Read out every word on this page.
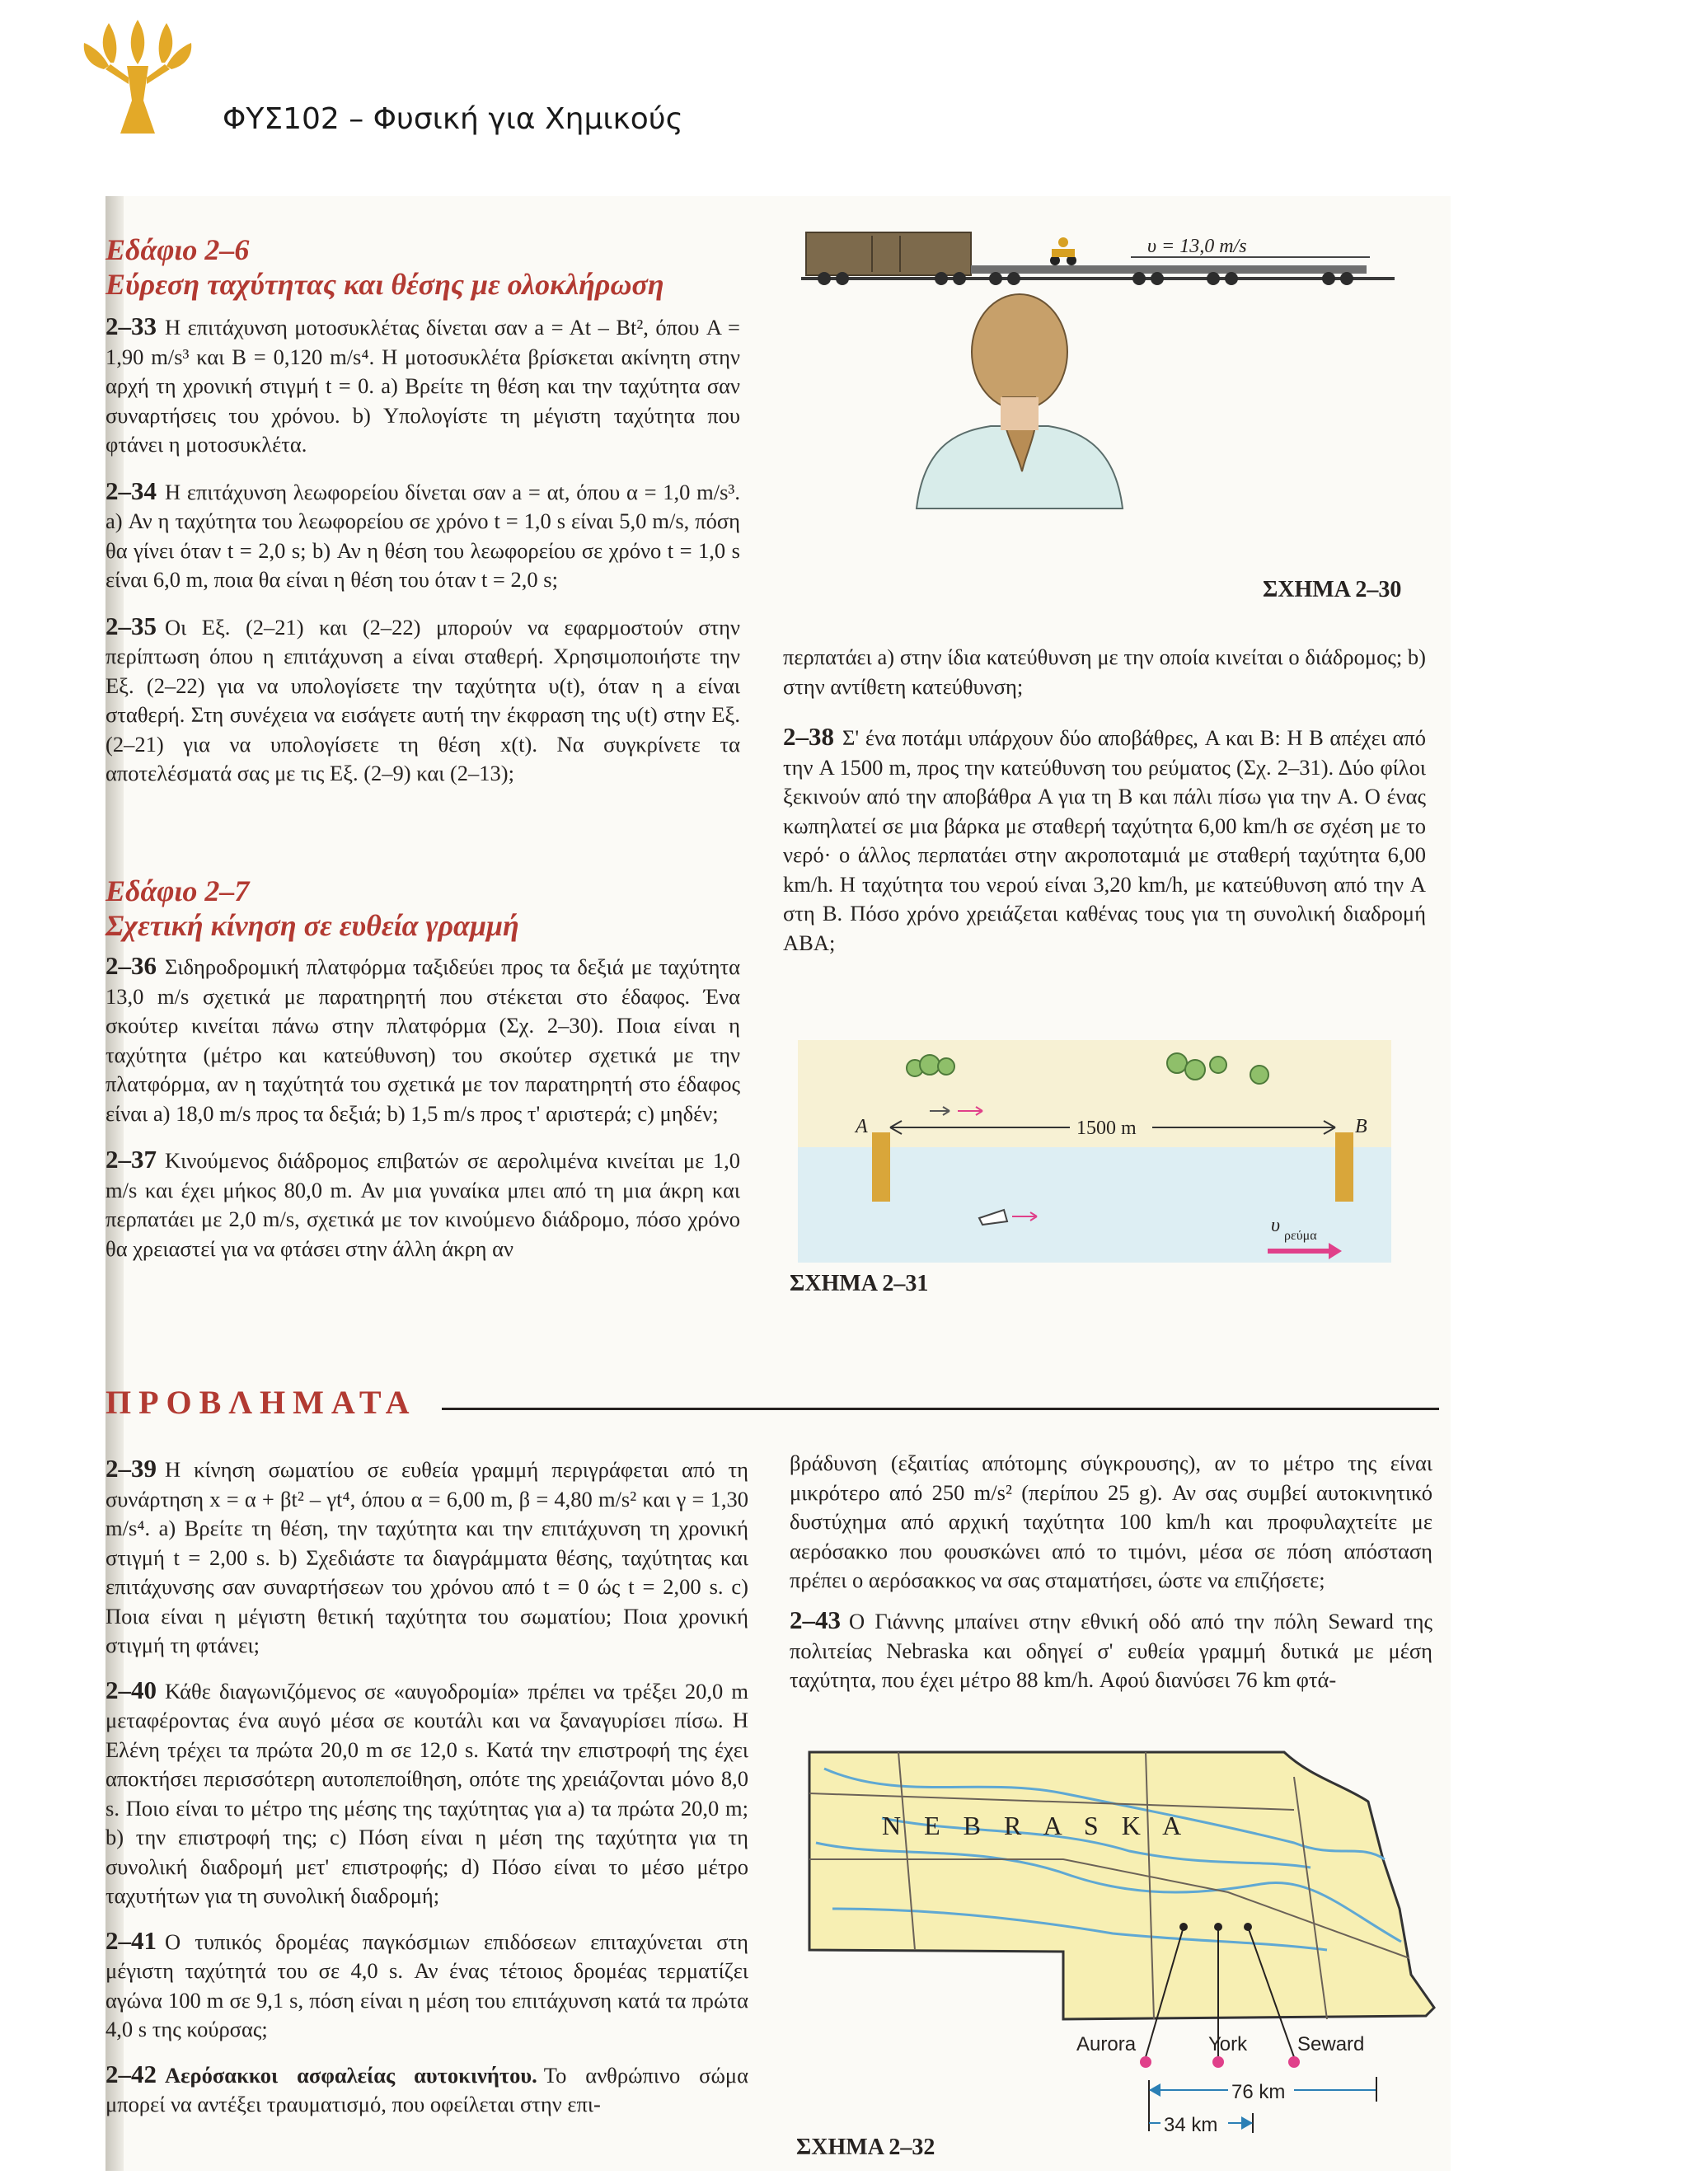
ΦΥΣ102 – Φυσική για Χημικούς
Εδάφιο 2–6
Εύρεση ταχύτητας και θέσης με ολοκλήρωση
2–33 Η επιτάχυνση μοτοσυκλέτας δίνεται σαν a = At – Bt², όπου A = 1,90 m/s³ και B = 0,120 m/s⁴. Η μοτοσυκλέτα βρίσκεται ακίνητη στην αρχή τη χρονική στιγμή t = 0. a) Βρείτε τη θέση και την ταχύτητα σαν συναρτήσεις του χρόνου. b) Υπολογίστε τη μέγιστη ταχύτητα που φτάνει η μοτοσυκλέτα.
2–34 Η επιτάχυνση λεωφορείου δίνεται σαν a = αt, όπου α = 1,0 m/s³. a) Αν η ταχύτητα του λεωφορείου σε χρόνο t = 1,0 s είναι 5,0 m/s, πόση θα γίνει όταν t = 2,0 s; b) Αν η θέση του λεωφορείου σε χρόνο t = 1,0 s είναι 6,0 m, ποια θα είναι η θέση του όταν t = 2,0 s;
2–35 Οι Εξ. (2–21) και (2–22) μπορούν να εφαρμοστούν στην περίπτωση όπου η επιτάχυνση a είναι σταθερή. Χρησιμοποιήστε την Εξ. (2–22) για να υπολογίσετε την ταχύτητα υ(t), όταν η a είναι σταθερή. Στη συνέχεια να εισάγετε αυτή την έκφραση της υ(t) στην Εξ. (2–21) για να υπολογίσετε τη θέση x(t). Να συγκρίνετε τα αποτελέσματά σας με τις Εξ. (2–9) και (2–13);
Εδάφιο 2–7
Σχετική κίνηση σε ευθεία γραμμή
2–36 Σιδηροδρομική πλατφόρμα ταξιδεύει προς τα δεξιά με ταχύτητα 13,0 m/s σχετικά με παρατηρητή που στέκεται στο έδαφος. Ένα σκούτερ κινείται πάνω στην πλατφόρμα (Σχ. 2–30). Ποια είναι η ταχύτητα (μέτρο και κατεύθυνση) του σκούτερ σχετικά με την πλατφόρμα, αν η ταχύτητά του σχετικά με τον παρατηρητή στο έδαφος είναι a) 18,0 m/s προς τα δεξιά; b) 1,5 m/s προς τ' αριστερά; c) μηδέν;
2–37 Κινούμενος διάδρομος επιβατών σε αερολιμένα κινείται με 1,0 m/s και έχει μήκος 80,0 m. Αν μια γυναίκα μπει από τη μια άκρη και περπατάει με 2,0 m/s, σχετικά με τον κινούμενο διάδρομο, πόσο χρόνο θα χρειαστεί για να φτάσει στην άλλη άκρη αν
υ = 13,0 m/s
ΣΧΗΜΑ 2–30
περπατάει a) στην ίδια κατεύθυνση με την οποία κινείται ο διάδρομος; b) στην αντίθετη κατεύθυνση;
2–38 Σ' ένα ποτάμι υπάρχουν δύο αποβάθρες, A και B: Η B απέχει από την A 1500 m, προς την κατεύθυνση του ρεύματος (Σχ. 2–31). Δύο φίλοι ξεκινούν από την αποβάθρα A για τη B και πάλι πίσω για την A. Ο ένας κωπηλατεί σε μια βάρκα με σταθερή ταχύτητα 6,00 km/h σε σχέση με το νερό· ο άλλος περπατάει στην ακροποταμιά με σταθερή ταχύτητα 6,00 km/h. Η ταχύτητα του νερού είναι 3,20 km/h, με κατεύθυνση από την A στη B. Πόσο χρόνο χρειάζεται καθένας τους για τη συνολική διαδρομή ABA;
1500 m
A	B
υ ρεύμα
ΣΧΗΜΑ 2–31
ΠΡΟΒΛΗΜΑΤΑ
2–39 Η κίνηση σωματίου σε ευθεία γραμμή περιγράφεται από τη συνάρτηση x = α + βt² – γt⁴, όπου α = 6,00 m, β = 4,80 m/s² και γ = 1,30 m/s⁴. a) Βρείτε τη θέση, την ταχύτητα και την επιτάχυνση τη χρονική στιγμή t = 2,00 s. b) Σχεδιάστε τα διαγράμματα θέσης, ταχύτητας και επιτάχυνσης σαν συναρτήσεων του χρόνου από t = 0 ώς t = 2,00 s. c) Ποια είναι η μέγιστη θετική ταχύτητα του σωματίου; Ποια χρονική στιγμή τη φτάνει;
2–40 Κάθε διαγωνιζόμενος σε «αυγοδρομία» πρέπει να τρέξει 20,0 m μεταφέροντας ένα αυγό μέσα σε κουτάλι και να ξαναγυρίσει πίσω. Η Ελένη τρέχει τα πρώτα 20,0 m σε 12,0 s. Κατά την επιστροφή της έχει αποκτήσει περισσότερη αυτοπεποίθηση, οπότε της χρειάζονται μόνο 8,0 s. Ποιο είναι το μέτρο της μέσης της ταχύτητας για a) τα πρώτα 20,0 m; b) την επιστροφή της; c) Πόση είναι η μέση της ταχύτητα για τη συνολική διαδρομή μετ' επιστροφής; d) Πόσο είναι το μέσο μέτρο ταχυτήτων για τη συνολική διαδρομή;
2–41 Ο τυπικός δρομέας παγκόσμιων επιδόσεων επιταχύνεται στη μέγιστη ταχύτητά του σε 4,0 s. Αν ένας τέτοιος δρομέας τερματίζει αγώνα 100 m σε 9,1 s, πόση είναι η μέση του επιτάχυνση κατά τα πρώτα 4,0 s της κούρσας;
2–42 Αερόσακκοι ασφαλείας αυτοκινήτου. Το ανθρώπινο σώμα μπορεί να αντέξει τραυματισμό, που οφείλεται στην επι-
βράδυνση (εξαιτίας απότομης σύγκρουσης), αν το μέτρο της είναι μικρότερο από 250 m/s² (περίπου 25 g). Αν σας συμβεί αυτοκινητικό δυστύχημα από αρχική ταχύτητα 100 km/h και προφυλαχτείτε με αερόσακκο που φουσκώνει από το τιμόνι, μέσα σε πόση απόσταση πρέπει ο αερόσακκος να σας σταματήσει, ώστε να επιζήσετε;
2–43 Ο Γιάννης μπαίνει στην εθνική οδό από την πόλη Seward της πολιτείας Nebraska και οδηγεί σ' ευθεία γραμμή δυτικά με μέση ταχύτητα, που έχει μέτρο 88 km/h. Αφού διανύσει 76 km φτά-
N E B R A S K A
Aurora	York	Seward
76 km
34 km
ΣΧΗΜΑ 2–32
